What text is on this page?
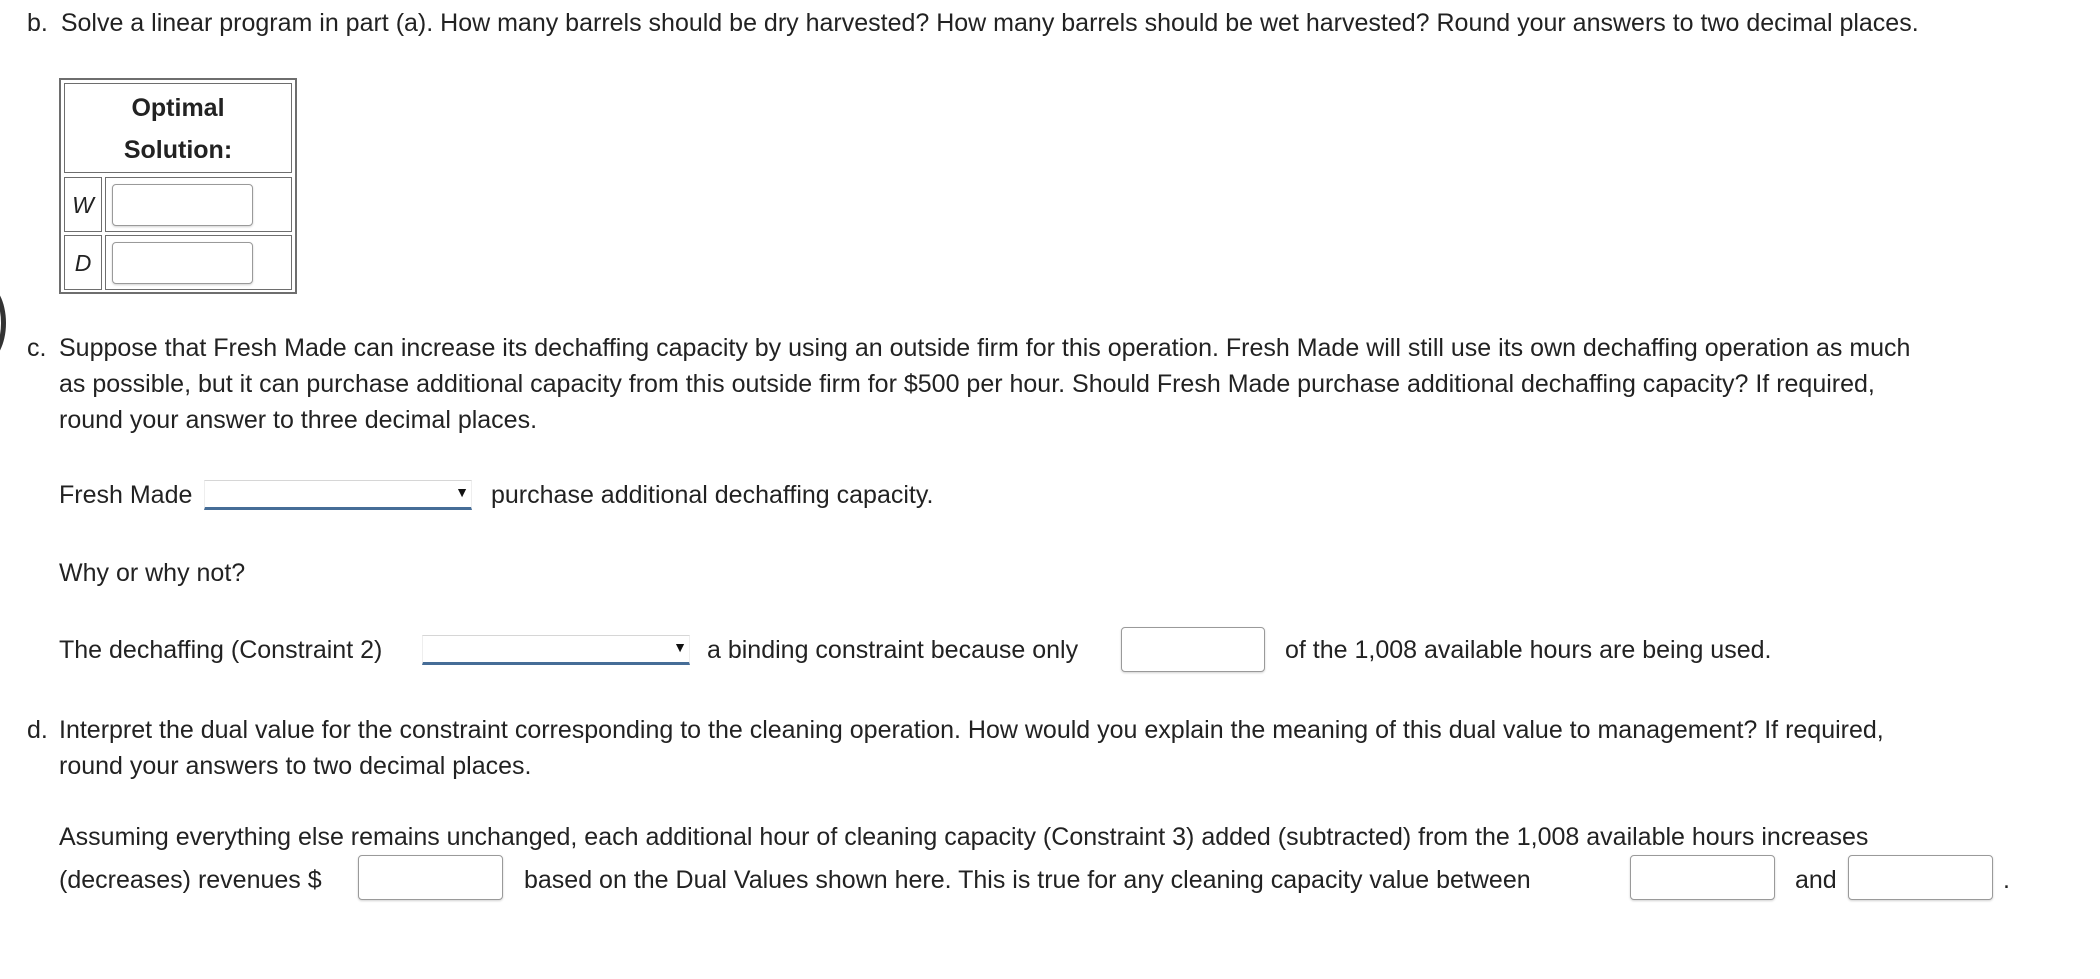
b. Solve a linear program in part (a). How many barrels should be dry harvested? How many barrels should be wet harvested? Round your answers to two decimal places.
Optimal
Solution:
W
D
c. Suppose that Fresh Made can increase its dechaffing capacity by using an outside firm for this operation. Fresh Made will still use its own dechaffing operation as much
as possible, but it can purchase additional capacity from this outside firm for $500 per hour. Should Fresh Made purchase additional dechaffing capacity? If required,
round your answer to three decimal places.
Fresh Made	▼ purchase additional dechaffing capacity.
Why or why not?
The dechaffing (Constraint 2)	▼ a binding constraint because only	of the 1,008 available hours are being used.
d. Interpret the dual value for the constraint corresponding to the cleaning operation. How would you explain the meaning of this dual value to management? If required,
round your answers to two decimal places.
Assuming everything else remains unchanged, each additional hour of cleaning capacity (Constraint 3) added (subtracted) from the 1,008 available hours increases
(decreases) revenues $	based on the Dual Values shown here. This is true for any cleaning capacity value between	and	.
